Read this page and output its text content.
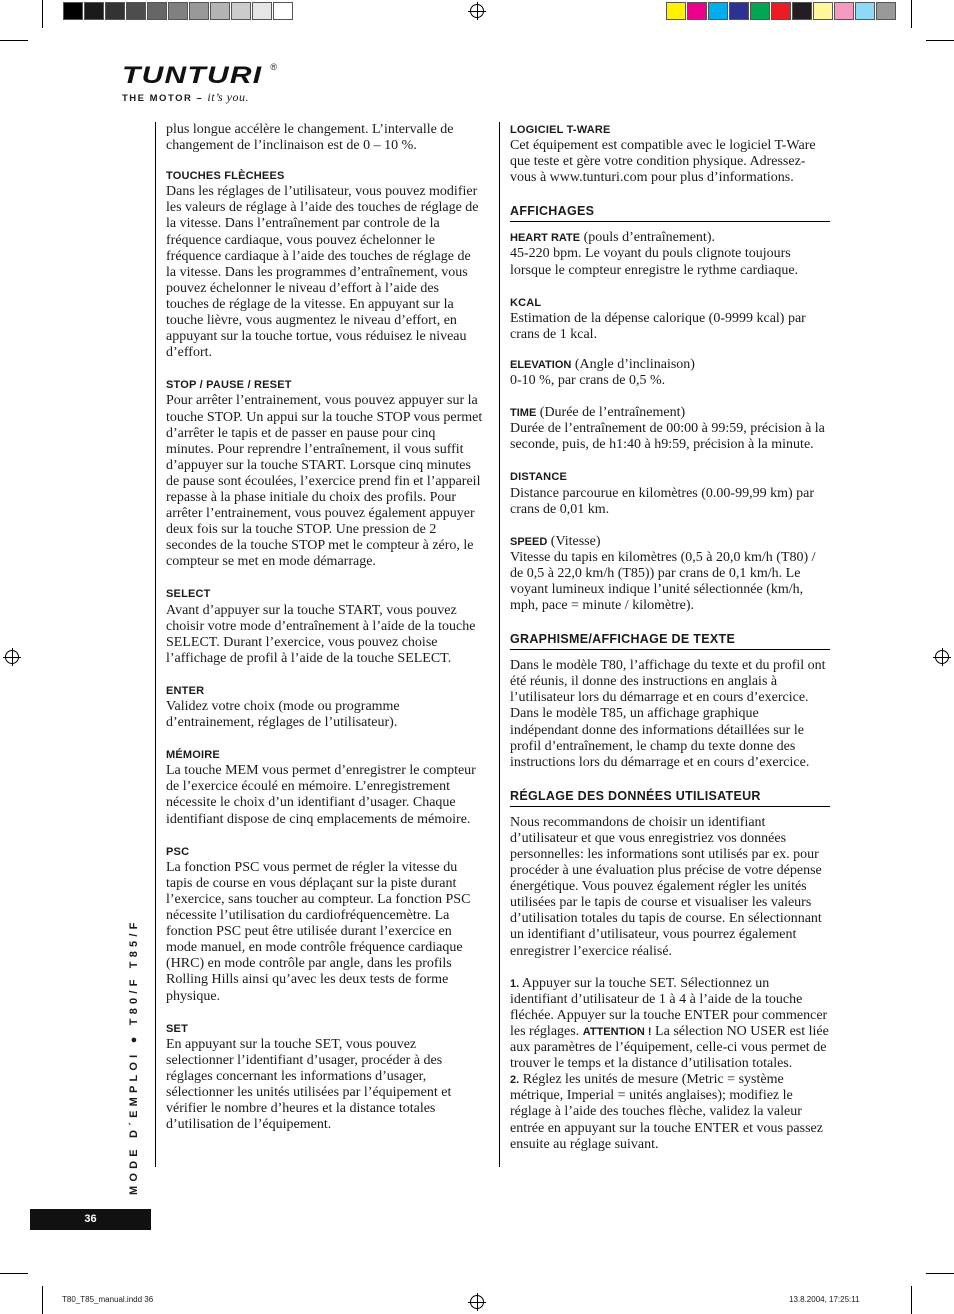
TUNTURI ®
THE MOTOR – it’s you.

plus longue accélère le changement. L’intervalle de changement de l’inclinaison est de 0 – 10 %.

TOUCHES FLÈCHEES

Dans les réglages de l’utilisateur, vous pouvez modifier les valeurs de réglage à l’aide des touches de réglage de la vitesse. Dans l’entraînement par controle de la fréquence cardiaque, vous pouvez échelonner le fréquence cardiaque à l’aide des touches de réglage de la vitesse. Dans les programmes d’entraînement, vous pouvez échelonner le niveau d’effort à l’aide des touches de réglage de la vitesse. En appuyant sur la touche lièvre, vous augmentez le niveau d’effort, en appuyant sur la touche tortue, vous réduisez le niveau d’effort.

STOP / PAUSE / RESET

Pour arrêter l’entrainement, vous pouvez appuyer sur la touche STOP. Un appui sur la touche STOP vous permet d’arrêter le tapis et de passer en pause pour cinq minutes. Pour reprendre l’entraînement, il vous suffit d’appuyer sur la touche START. Lorsque cinq minutes de pause sont écoulées, l’exercice prend fin et l’appareil repasse à la phase initiale du choix des profils. Pour arrêter l’entrainement, vous pouvez également appuyer deux fois sur la touche STOP. Une pression de 2 secondes de la touche STOP met le compteur à zéro, le compteur se met en mode démarrage.

SELECT

Avant d’appuyer sur la touche START, vous pouvez choisir votre mode d’entraînement à l’aide de la touche SELECT. Durant l’exercice, vous pouvez choise l’affichage de profil à l’aide de la touche SELECT.

ENTER

Validez votre choix (mode ou programme d’entrainement, réglages de l’utilisateur).

MÉMOIRE

La touche MEM vous permet d’enregistrer le compteur de l’exercice écoulé en mémoire. L’enregistrement nécessite le choix d’un identifiant d’usager. Chaque identifiant dispose de cinq emplacements de mémoire.

PSC

La fonction PSC vous permet de régler la vitesse du tapis de course en vous déplaçant sur la piste durant l’exercice, sans toucher au compteur. La fonction PSC nécessite l’utilisation du cardiofréquencemètre. La fonction PSC peut être utilisée durant l’exercice en mode manuel, en mode contrôle fréquence cardiaque (HRC) en mode contrôle par angle, dans les profils Rolling Hills ainsi qu’avec les deux tests de forme physique.

SET

En appuyant sur la touche SET, vous pouvez selectionner l’identifiant d’usager, procéder à des réglages concernant les informations d’usager, sélectionner les unités utilisées par l’équipement et vérifier le nombre d’heures et la distance totales d’utilisation de l’équipement.

LOGICIEL T-WARE

Cet équipement est compatible avec le logiciel T-Ware que teste et gère votre condition physique. Adressez-vous à www.tunturi.com pour plus d’informations.

AFFICHAGES

HEART RATE (pouls d’entraînement).

45-220 bpm. Le voyant du pouls clignote toujours lorsque le compteur enregistre le rythme cardiaque.

KCAL

Estimation de la dépense calorique (0-9999 kcal) par crans de 1 kcal.

ELEVATION (Angle d’inclinaison)

0-10 %, par crans de 0,5 %.

TIME (Durée de l’entraînement)

Durée de l’entraînement de 00:00 à 99:59, précision à la seconde, puis, de h1:40 à h9:59, précision à la minute.

DISTANCE

Distance parcourue en kilomètres (0.00-99,99 km) par crans de 0,01 km.

SPEED (Vitesse)

Vitesse du tapis en kilomètres (0,5 à 20,0 km/h (T80) / de 0,5 à 22,0 km/h (T85)) par crans de 0,1 km/h. Le voyant lumineux indique l’unité sélectionnée (km/h, mph, pace = minute / kilomètre).

GRAPHISME/AFFICHAGE DE TEXTE

Dans le modèle T80, l’affichage du texte et du profil ont été réunis, il donne des instructions en anglais à l’utilisateur lors du démarrage et en cours d’exercice. Dans le modèle T85, un affichage graphique indépendant donne des informations détaillées sur le profil d’entraînement, le champ du texte donne des instructions lors du démarrage et en cours d’exercice.

RÉGLAGE DES DONNÉES UTILISATEUR

Nous recommandons de choisir un identifiant d’utilisateur et que vous enregistriez vos données personnelles: les informations sont utilisés par ex. pour procéder à une évaluation plus précise de votre dépense énergétique. Vous pouvez également régler les unités utilisées par le tapis de course et visualiser les valeurs d’utilisation totales du tapis de course. En sélectionnant un identifiant d’utilisateur, vous pourrez également enregistrer l’exercice réalisé.

1. Appuyer sur la touche SET. Sélectionnez un identifiant d’utilisateur de 1 à 4 à l’aide de la touche fléchée. Appuyer sur la touche ENTER pour commencer les réglages. ATTENTION ! La sélection NO USER est liée aux paramètres de l’équipement, celle-ci vous permet de trouver le temps et la distance d’utilisation totales.

2. Réglez les unités de mesure (Metric = système métrique, Imperial = unités anglaises); modifiez le réglage à l’aide des touches flèche, validez la valeur entrée en appuyant sur la touche ENTER et vous passez ensuite au réglage suivant.

MODE D´EMPLOI ● T80/F T85/F
36
T80_T85_manual.indd 36	13.8.2004, 17:25:11
